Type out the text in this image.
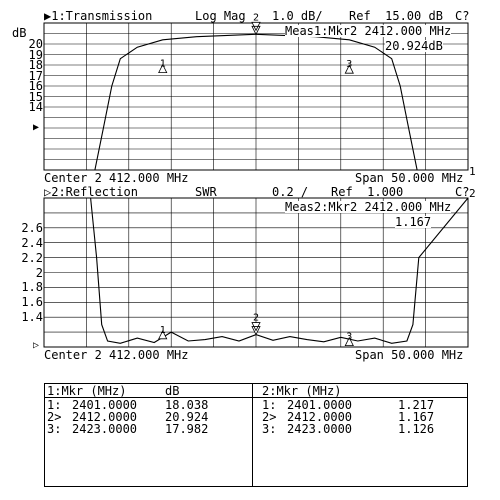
▶1:Transmission	Log Mag 1.0 dB/ Ref  15.00 dB C?
dB
1
2
3
1
2
3
Meas1:Mkr2 2412.000 MHz
20.924dB
20
19
18
17
16
15
14
▶
Center 2 412.000 MHz	Span 50.000 MHz 1
▷2:Reflection	SWR	0.2 / Ref  1.000	C?
Meas2:Mkr2 2412.000 MHz
1.167
2.6
2.4
2.2
2
1.8
1.6
1.4
▷
Center 2 412.000 MHz	Span 50.000 MHz
2
1:Mkr (MHz)	dB
1: 2401.0000 18.038
2> 2412.0000 20.924
3: 2423.0000 17.982
2:Mkr (MHz)
1: 2401.0000	1.217
2> 2412.0000	1.167
3: 2423.0000	1.126
